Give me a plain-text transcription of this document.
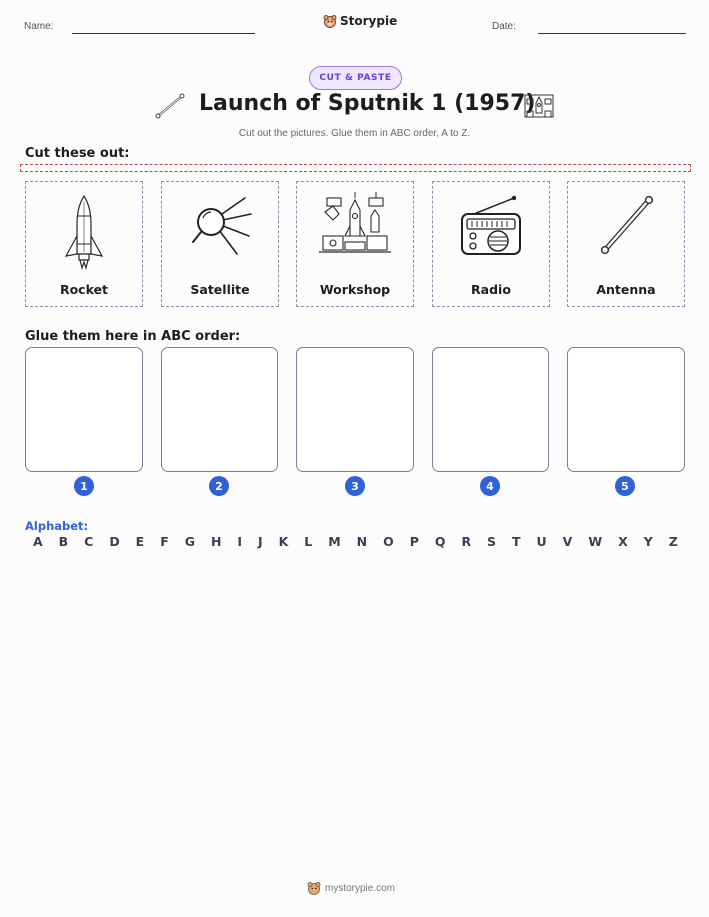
Name:	Storypie	Date:
CUT & PASTE
Launch of Sputnik 1 (1957)
Cut out the pictures. Glue them in ABC order, A to Z.
Cut these out:
Rocket	Satellite	Workshop	Radio	Antenna
Glue them here in ABC order:
1	2	3	4	5
Alphabet:
A B C D E F G H I J K L M N O P Q R S T U V W X Y Z
mystorypie.com
